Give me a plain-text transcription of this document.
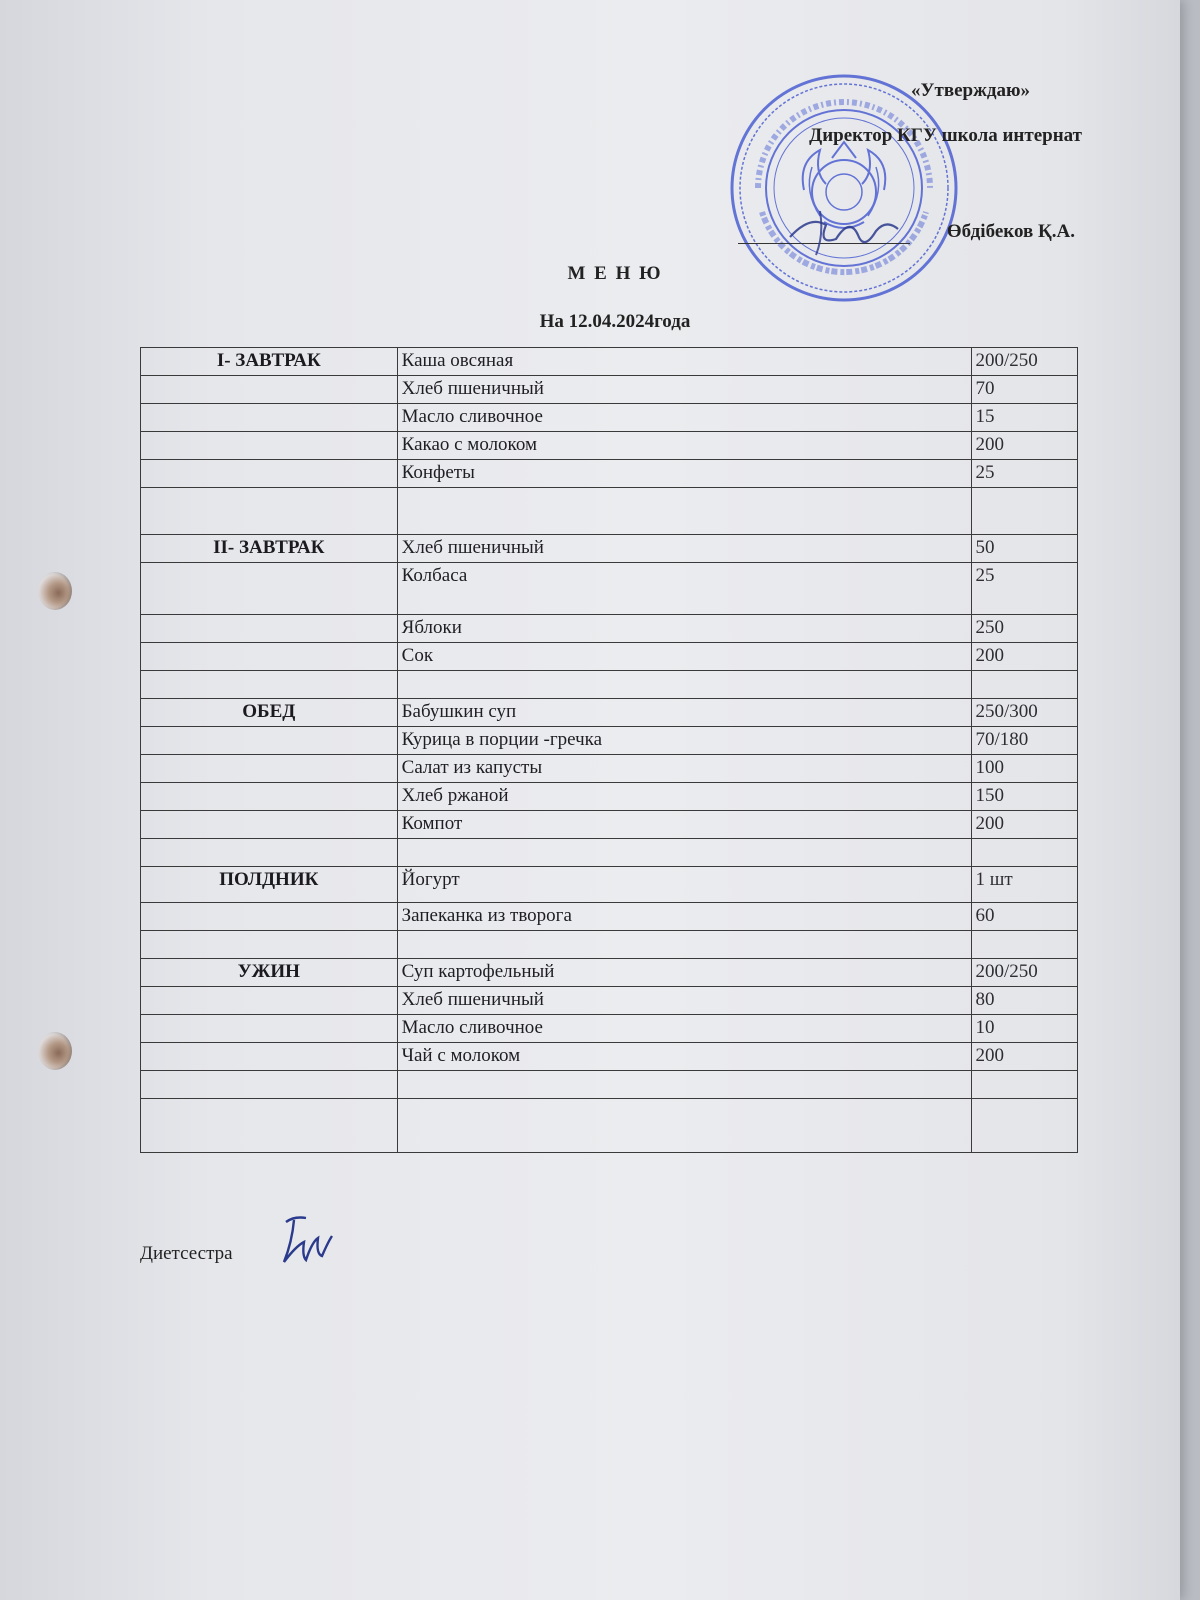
«Утверждаю»
Директор КГУ школа интернат
Өбдібеков Қ.А.
М Е Н Ю
На 12.04.2024года
I- ЗАВТРАК	Каша овсяная	200/250
	Хлеб пшеничный	70
	Масло сливочное	15
	Какао с молоком	200
	Конфеты	25

II- ЗАВТРАК	Хлеб пшеничный	50
	Колбаса	25
	Яблоки	250
	Сок	200

ОБЕД	Бабушкин суп	250/300
	Курица в порции -гречка	70/180
	Салат из капусты	100
	Хлеб ржаной	150
	Компот	200

ПОЛДНИК	Йогурт	1 шт
	Запеканка из творога	60

УЖИН	Суп картофельный	200/250
	Хлеб пшеничный	80
	Масло сливочное	10
	Чай с молоком	200

Диетсестра
